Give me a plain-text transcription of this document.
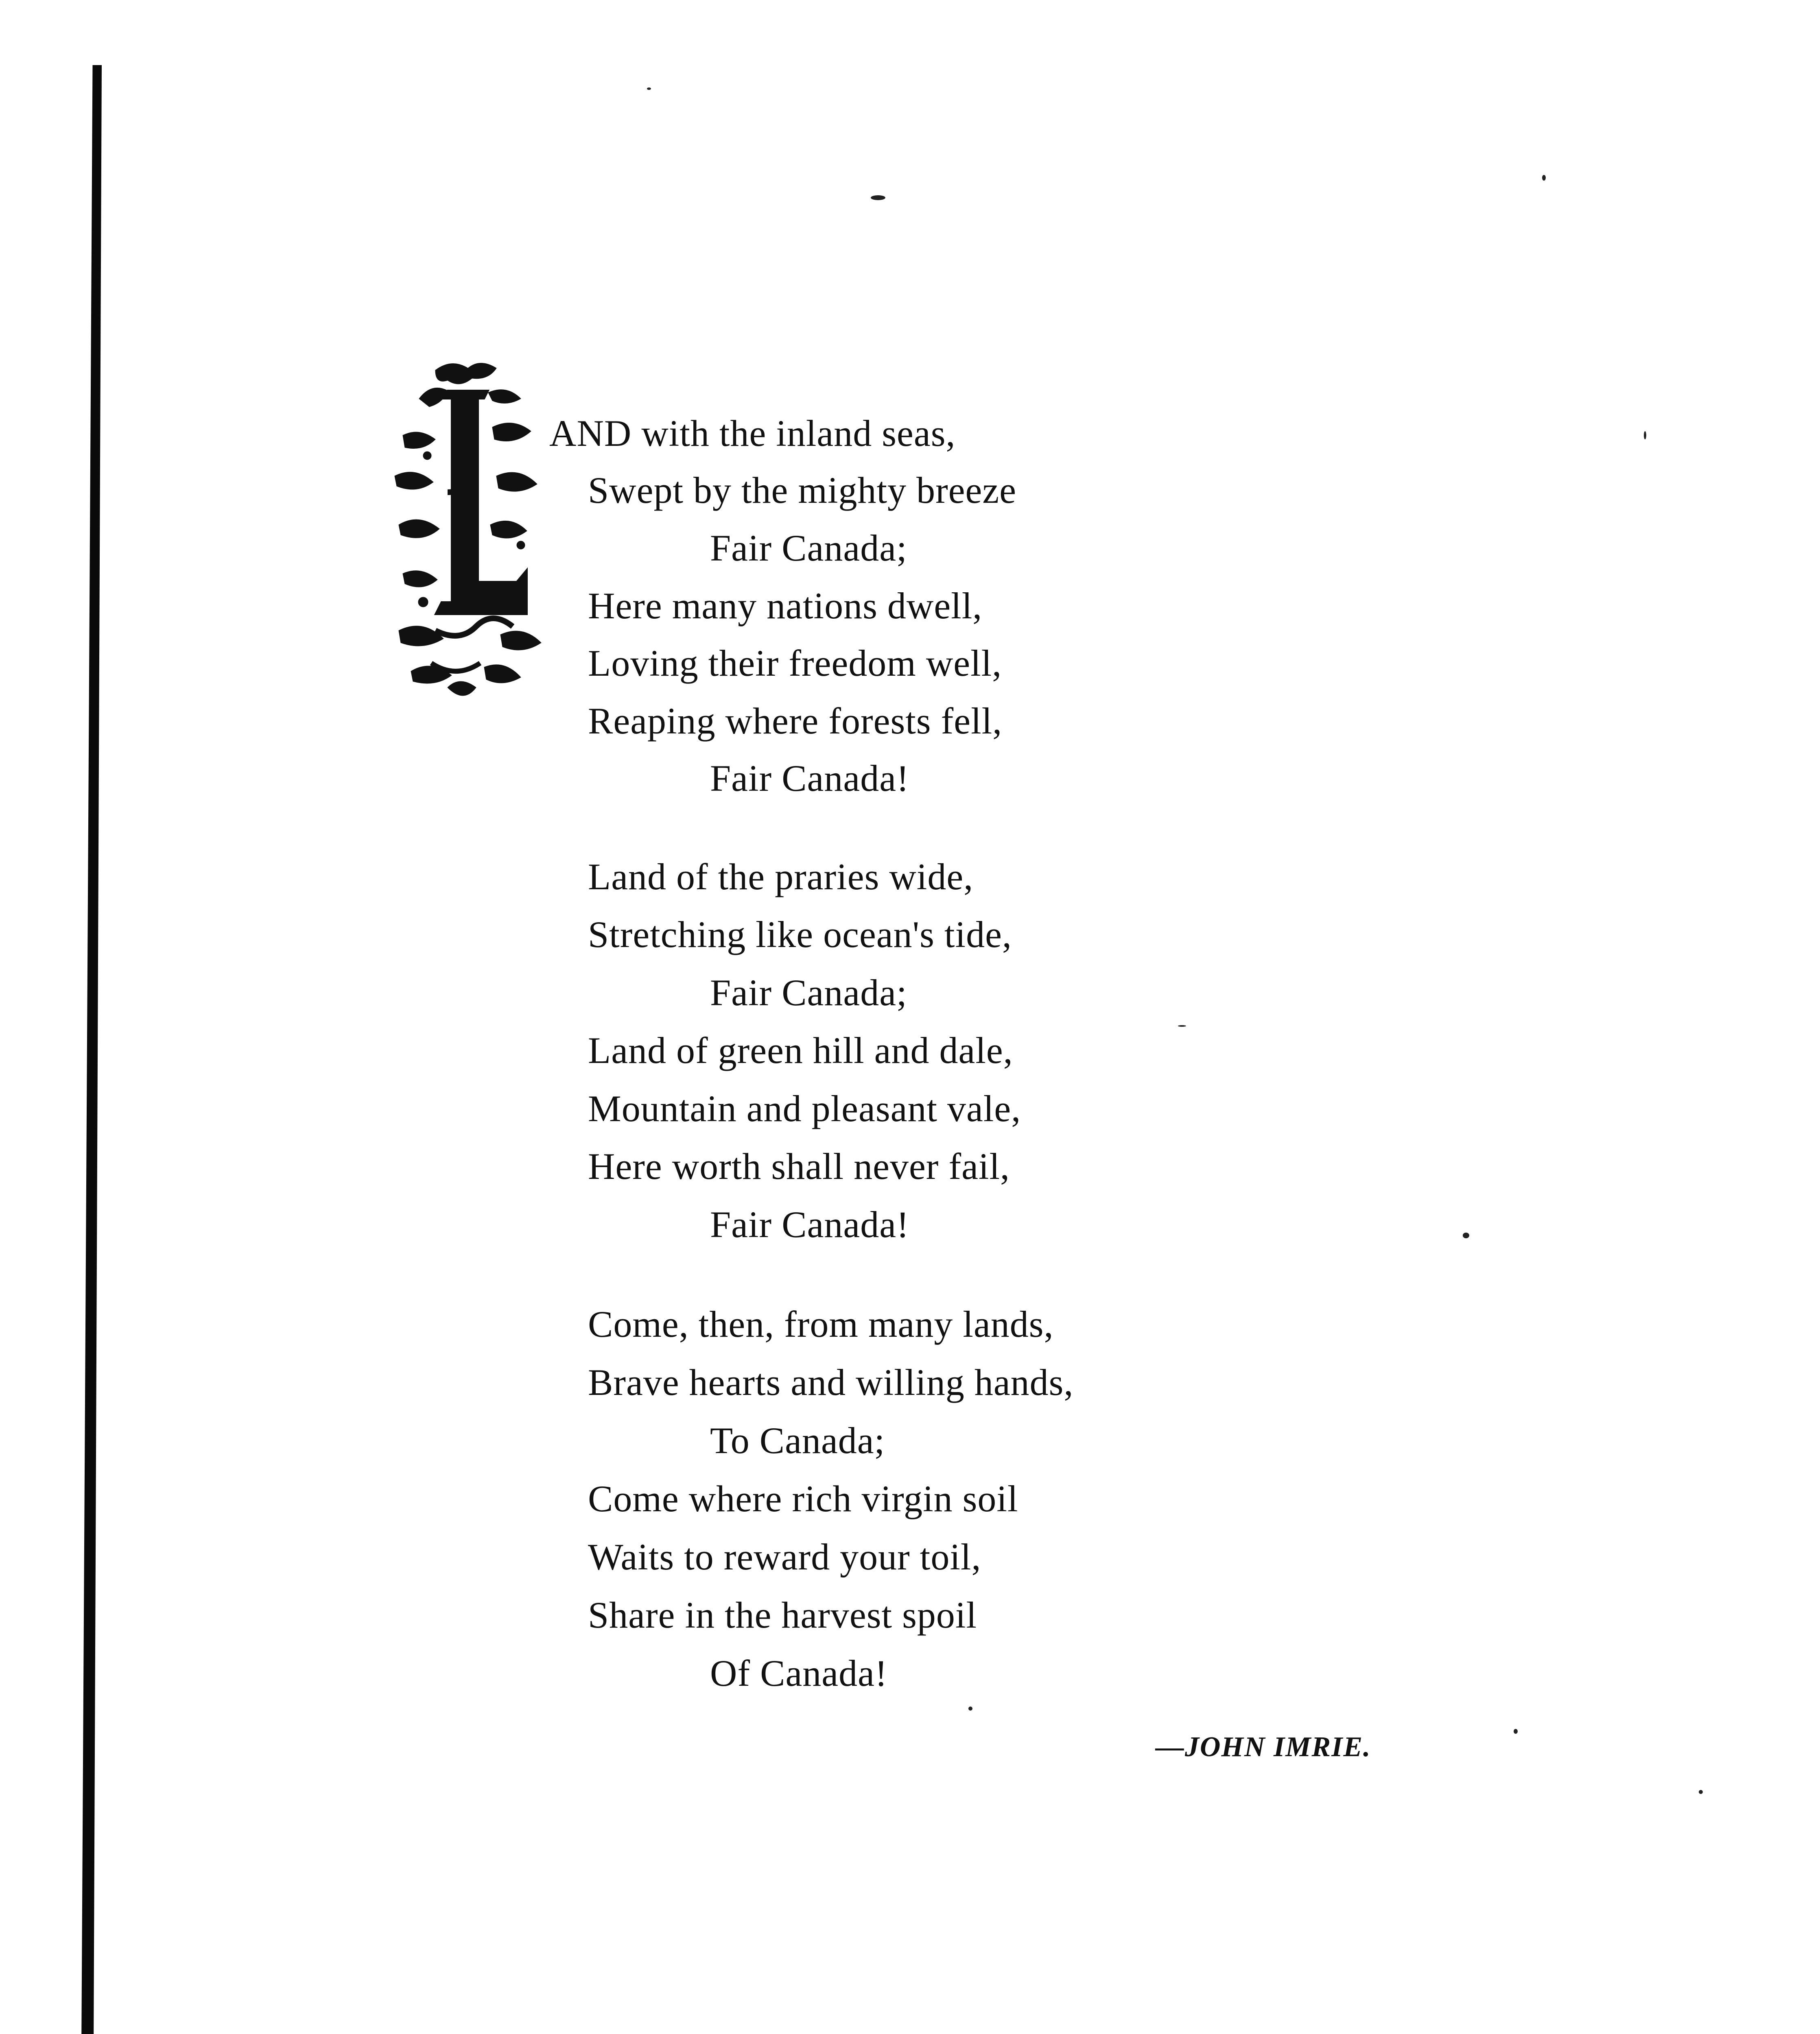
AND with the inland seas,
Swept by the mighty breeze
Fair Canada;
Here many nations dwell,
Loving their freedom well,
Reaping where forests fell,
Fair Canada!
Land of the praries wide,
Stretching like ocean's tide,
Fair Canada;
Land of green hill and dale,
Mountain and pleasant vale,
Here worth shall never fail,
Fair Canada!
Come, then, from many lands,
Brave hearts and willing hands,
To Canada;
Come where rich virgin soil
Waits to reward your toil,
Share in the harvest spoil
Of Canada!
—JOHN IMRIE.
